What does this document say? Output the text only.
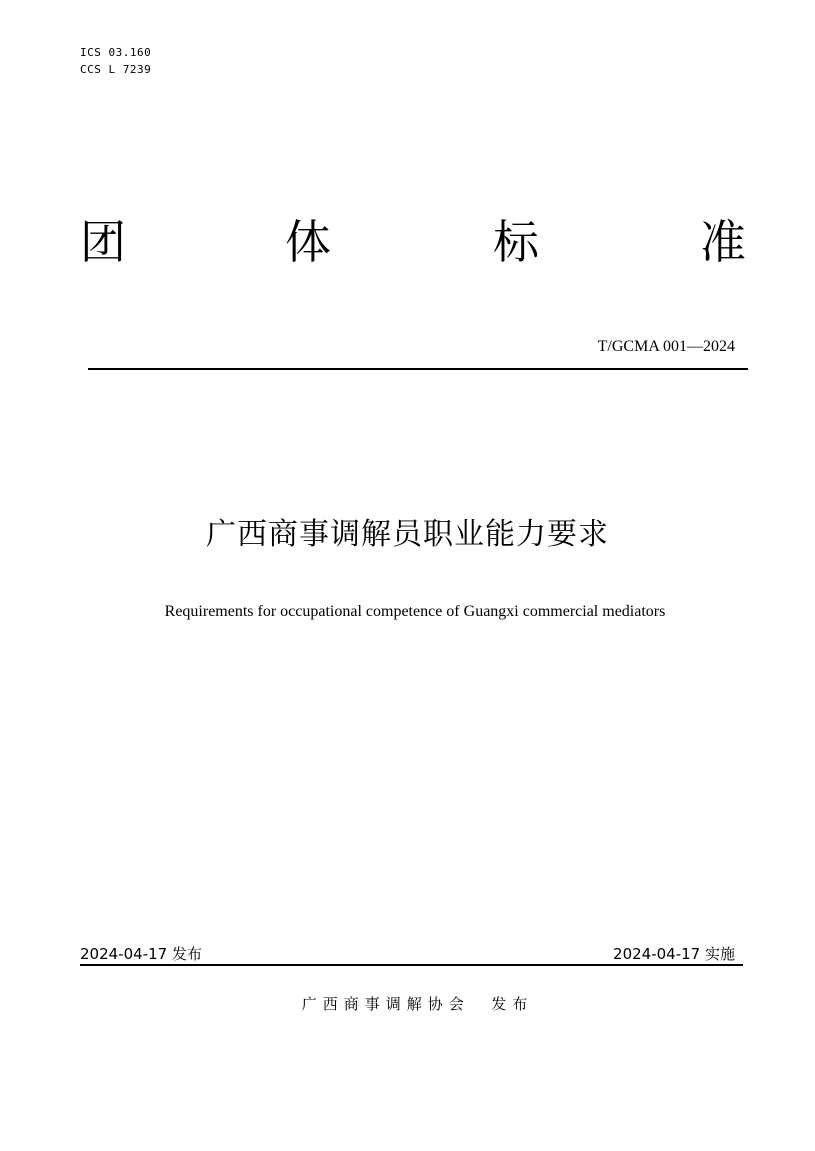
ICS 03.160
CCS L 7239
团	体	标	准
T/GCMA 001—2024
广西商事调解员职业能力要求
Requirements for occupational competence of Guangxi commercial mediators
2024-04-17 发布	2024-04-17 实施
广西商事调解协会  发布
